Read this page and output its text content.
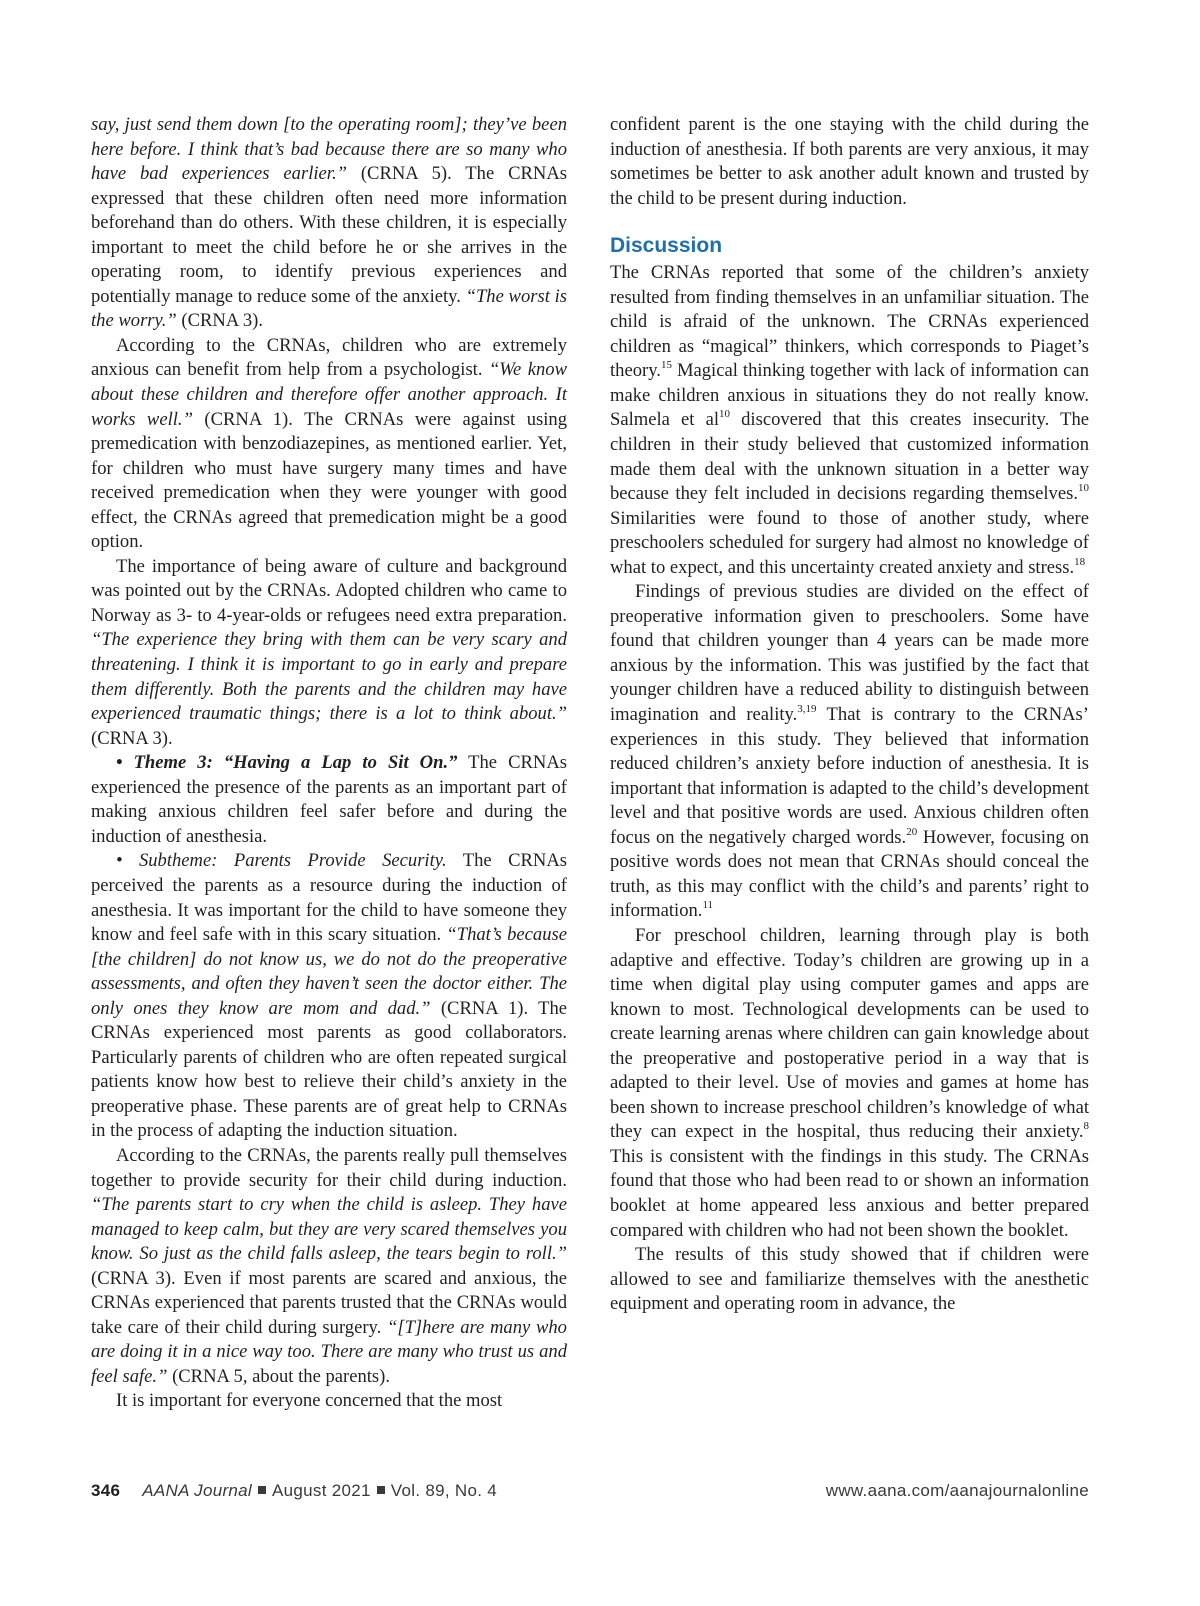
say, just send them down [to the operating room]; they’ve been here before. I think that’s bad because there are so many who have bad experiences earlier.” (CRNA 5). The CRNAs expressed that these children often need more information beforehand than do others. With these children, it is especially important to meet the child before he or she arrives in the operating room, to identify previous experiences and potentially manage to reduce some of the anxiety. “The worst is the worry.” (CRNA 3).

According to the CRNAs, children who are extremely anxious can benefit from help from a psychologist. “We know about these children and therefore offer another approach. It works well.” (CRNA 1). The CRNAs were against using premedication with benzodiazepines, as mentioned earlier. Yet, for children who must have surgery many times and have received premedication when they were younger with good effect, the CRNAs agreed that premedication might be a good option.

The importance of being aware of culture and background was pointed out by the CRNAs. Adopted children who came to Norway as 3- to 4-year-olds or refugees need extra preparation. “The experience they bring with them can be very scary and threatening. I think it is important to go in early and prepare them differently. Both the parents and the children may have experienced traumatic things; there is a lot to think about.” (CRNA 3).

• Theme 3: “Having a Lap to Sit On.” The CRNAs experienced the presence of the parents as an important part of making anxious children feel safer before and during the induction of anesthesia.

• Subtheme: Parents Provide Security. The CRNAs perceived the parents as a resource during the induction of anesthesia. It was important for the child to have someone they know and feel safe with in this scary situation. “That’s because [the children] do not know us, we do not do the preoperative assessments, and often they haven’t seen the doctor either. The only ones they know are mom and dad.” (CRNA 1). The CRNAs experienced most parents as good collaborators. Particularly parents of children who are often repeated surgical patients know how best to relieve their child’s anxiety in the preoperative phase. These parents are of great help to CRNAs in the process of adapting the induction situation.

According to the CRNAs, the parents really pull themselves together to provide security for their child during induction. “The parents start to cry when the child is asleep. They have managed to keep calm, but they are very scared themselves you know. So just as the child falls asleep, the tears begin to roll.” (CRNA 3). Even if most parents are scared and anxious, the CRNAs experienced that parents trusted that the CRNAs would take care of their child during surgery. “[T]here are many who are doing it in a nice way too. There are many who trust us and feel safe.” (CRNA 5, about the parents).

It is important for everyone concerned that the most

confident parent is the one staying with the child during the induction of anesthesia. If both parents are very anxious, it may sometimes be better to ask another adult known and trusted by the child to be present during induction.

Discussion

The CRNAs reported that some of the children’s anxiety resulted from finding themselves in an unfamiliar situation. The child is afraid of the unknown. The CRNAs experienced children as “magical” thinkers, which corresponds to Piaget’s theory.$^{15}$ Magical thinking together with lack of information can make children anxious in situations they do not really know. Salmela et $al^{10}$ discovered that this creates insecurity. The children in their study believed that customized information made them deal with the unknown situation in a better way because they felt included in decisions regarding themselves.$^{10}$ Similarities were found to those of another study, where preschoolers scheduled for surgery had almost no knowledge of what to expect, and this uncertainty created anxiety and stress.$^{18}$

Findings of previous studies are divided on the effect of preoperative information given to preschoolers. Some have found that children younger than 4 years can be made more anxious by the information. This was justified by the fact that younger children have a reduced ability to distinguish between imagination and reality.$^{3,19}$ That is contrary to the CRNAs’ experiences in this study. They believed that information reduced children’s anxiety before induction of anesthesia. It is important that information is adapted to the child’s development level and that positive words are used. Anxious children often focus on the negatively charged words.$^{20}$ However, focusing on positive words does not mean that CRNAs should conceal the truth, as this may conflict with the child’s and parents’ right to information.$^{11}$

For preschool children, learning through play is both adaptive and effective. Today’s children are growing up in a time when digital play using computer games and apps are known to most. Technological developments can be used to create learning arenas where children can gain knowledge about the preoperative and postoperative period in a way that is adapted to their level. Use of movies and games at home has been shown to increase preschool children’s knowledge of what they can expect in the hospital, thus reducing their anxiety.$^8$ This is consistent with the findings in this study. The CRNAs found that those who had been read to or shown an information booklet at home appeared less anxious and better prepared compared with children who had not been shown the booklet.

The results of this study showed that if children were allowed to see and familiarize themselves with the anesthetic equipment and operating room in advance, the

346 AANA Journal August 2021 Vol. 89, No. 4	www.aana.com/aanajournalonline
